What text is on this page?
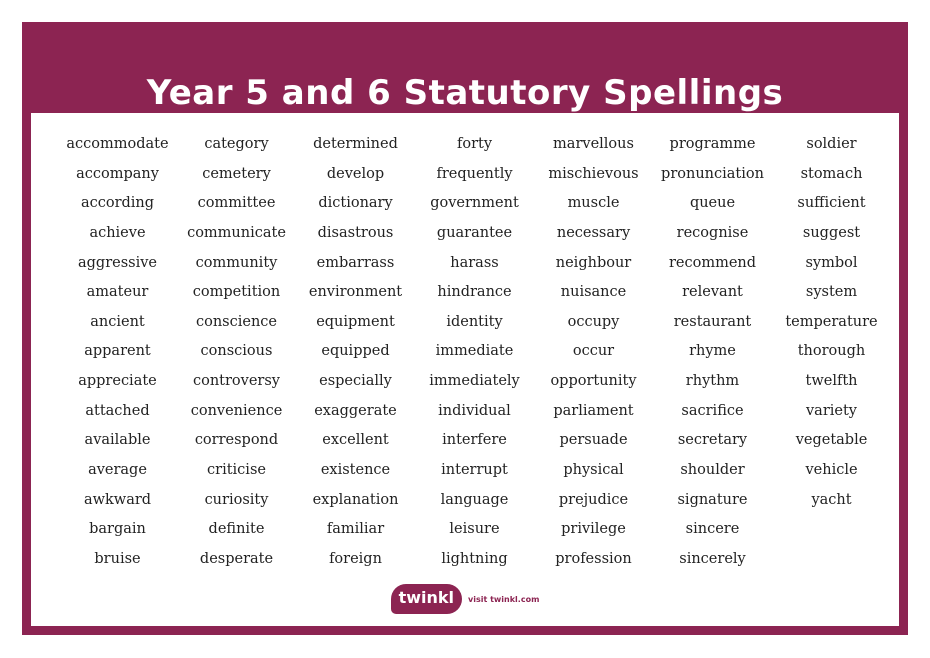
Year 5 and 6 Statutory Spellings
accommodate
accompany
according
achieve
aggressive
amateur
ancient
apparent
appreciate
attached
available
average
awkward
bargain
bruise
category
cemetery
committee
communicate
community
competition
conscience
conscious
controversy
convenience
correspond
criticise
curiosity
definite
desperate
determined
develop
dictionary
disastrous
embarrass
environment
equipment
equipped
especially
exaggerate
excellent
existence
explanation
familiar
foreign
forty
frequently
government
guarantee
harass
hindrance
identity
immediate
immediately
individual
interfere
interrupt
language
leisure
lightning
marvellous
mischievous
muscle
necessary
neighbour
nuisance
occupy
occur
opportunity
parliament
persuade
physical
prejudice
privilege
profession
programme
pronunciation
queue
recognise
recommend
relevant
restaurant
rhyme
rhythm
sacrifice
secretary
shoulder
signature
sincere
sincerely
soldier
stomach
sufficient
suggest
symbol
system
temperature
thorough
twelfth
variety
vegetable
vehicle
yacht
twinkl	visit twinkl.com
